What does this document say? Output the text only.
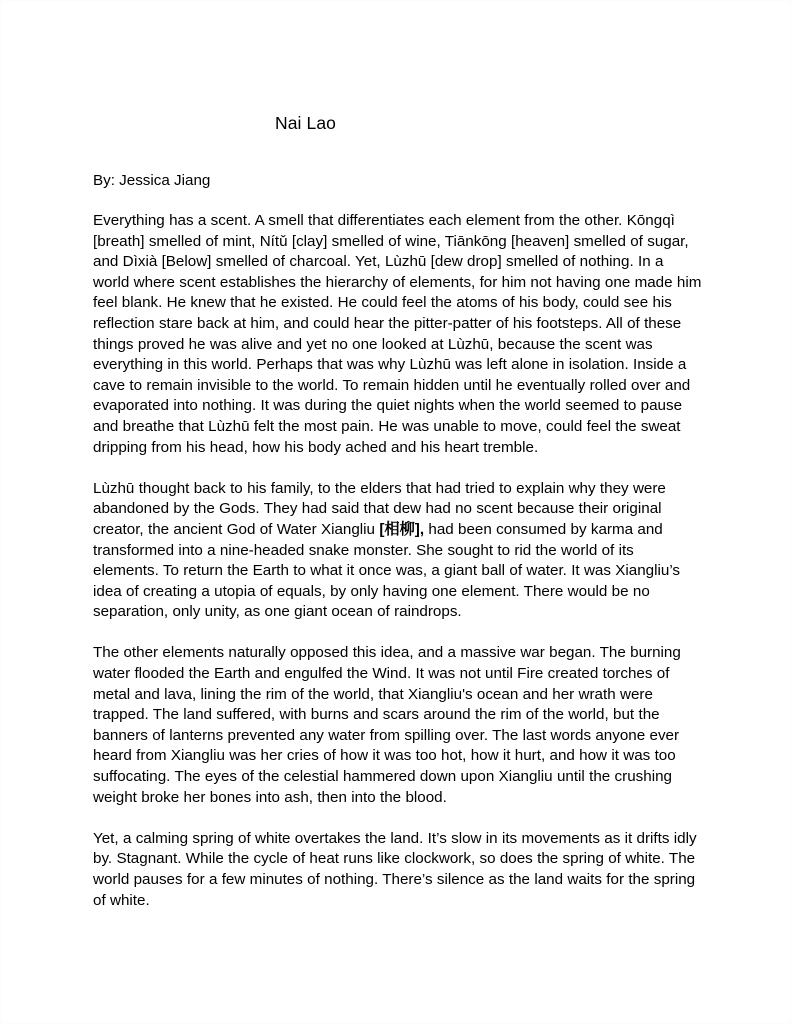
Nai Lao

By: Jessica Jiang

Everything has a scent. A smell that differentiates each element from the other. Kōngqì [breath] smelled of mint, Nítǔ [clay] smelled of wine, Tiānkōng [heaven] smelled of sugar, and Dìxià [Below] smelled of charcoal. Yet, Lùzhū [dew drop] smelled of nothing. In a world where scent establishes the hierarchy of elements, for him not having one made him feel blank. He knew that he existed. He could feel the atoms of his body, could see his reflection stare back at him, and could hear the pitter-patter of his footsteps. All of these things proved he was alive and yet no one looked at Lùzhū, because the scent was everything in this world. Perhaps that was why Lùzhū was left alone in isolation. Inside a cave to remain invisible to the world. To remain hidden until he eventually rolled over and evaporated into nothing. It was during the quiet nights when the world seemed to pause and breathe that Lùzhū felt the most pain. He was unable to move, could feel the sweat dripping from his head, how his body ached and his heart tremble.

Lùzhū thought back to his family, to the elders that had tried to explain why they were abandoned by the Gods. They had said that dew had no scent because their original creator, the ancient God of Water Xiangliu [相柳], had been consumed by karma and transformed into a nine-headed snake monster. She sought to rid the world of its elements. To return the Earth to what it once was, a giant ball of water. It was Xiangliu’s idea of creating a utopia of equals, by only having one element. There would be no separation, only unity, as one giant ocean of raindrops.

The other elements naturally opposed this idea, and a massive war began. The burning water flooded the Earth and engulfed the Wind. It was not until Fire created torches of metal and lava, lining the rim of the world, that Xiangliu's ocean and her wrath were trapped. The land suffered, with burns and scars around the rim of the world, but the banners of lanterns prevented any water from spilling over. The last words anyone ever heard from Xiangliu was her cries of how it was too hot, how it hurt, and how it was too suffocating. The eyes of the celestial hammered down upon Xiangliu until the crushing weight broke her bones into ash, then into the blood.

Yet, a calming spring of white overtakes the land. It’s slow in its movements as it drifts idly by. Stagnant. While the cycle of heat runs like clockwork, so does the spring of white. The world pauses for a few minutes of nothing. There’s silence as the land waits for the spring of white.
